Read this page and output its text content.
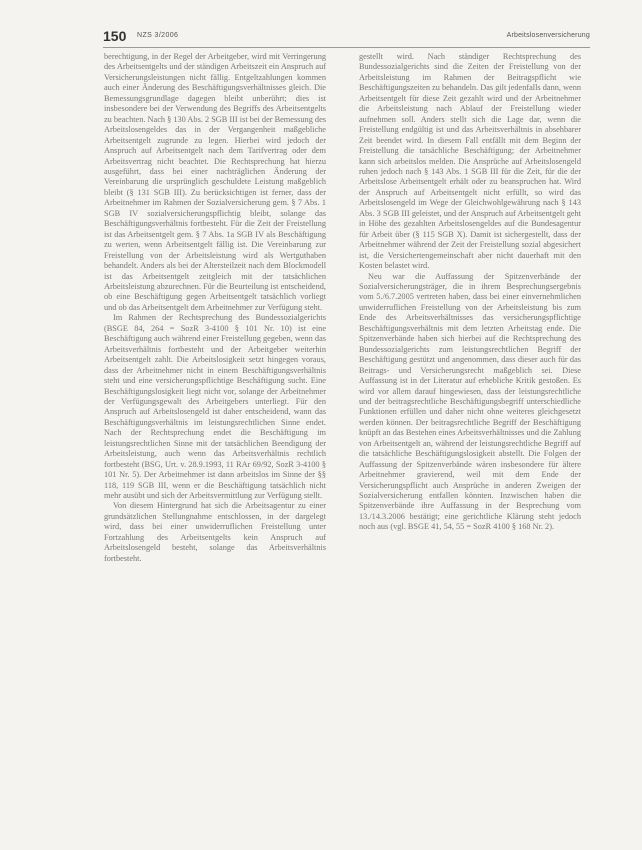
150 NZS 3/2006	Arbeitslosenversicherung

berechtigung, in der Regel der Arbeitgeber, wird mit Verringerung des Arbeitsentgelts und der ständigen Arbeitszeit ein Anspruch auf Versicherungsleistungen nicht fällig. Entgeltzahlungen kommen auch einer Änderung des Beschäftigungsverhältnisses gleich. Die Bemessungsgrundlage dagegen bleibt unberührt; dies ist insbesondere bei der Verwendung des Begriffs des Arbeitsentgelts zu beachten. Nach § 130 Abs. 2 SGB III ist bei der Bemessung des Arbeitslosengeldes das in der Vergangenheit maßgebliche Arbeitsentgelt zugrunde zu legen. Hierbei wird jedoch der Anspruch auf Arbeitsentgelt nach dem Tarifvertrag oder dem Arbeitsvertrag nicht beachtet. Die Rechtsprechung hat hierzu ausgeführt, dass bei einer nachträglichen Änderung der Vereinbarung die ursprünglich geschuldete Leistung maßgeblich bleibt (§ 131 SGB III). Zu berücksichtigen ist ferner, dass der Arbeitnehmer im Rahmen der Sozialversicherung gem. § 7 Abs. 1 SGB IV sozialversicherungspflichtig bleibt, solange das Beschäftigungsverhältnis fortbesteht. Für die Zeit der Freistellung ist das Arbeitsentgelt gem. § 7 Abs. 1a SGB IV als Beschäftigung zu werten, wenn Arbeitsentgelt fällig ist. Die Vereinbarung zur Freistellung von der Arbeitsleistung wird als Wertguthaben behandelt. Anders als bei der Altersteilzeit nach dem Blockmodell ist das Arbeitsentgelt zeitgleich mit der tatsächlichen Arbeitsleistung abzurechnen. Für die Beurteilung ist entscheidend, ob eine Beschäftigung gegen Arbeitsentgelt tatsächlich vorliegt und ob das Arbeitsentgelt dem Arbeitnehmer zur Verfügung steht.

Im Rahmen der Rechtsprechung des Bundessozialgerichts (BSGE 84, 264 = SozR 3-4100 § 101 Nr. 10) ist eine Beschäftigung auch während einer Freistellung gegeben, wenn das Arbeitsverhältnis fortbesteht und der Arbeitgeber weiterhin Arbeitsentgelt zahlt. Die Arbeitslosigkeit setzt hingegen voraus, dass der Arbeitnehmer nicht in einem Beschäftigungsverhältnis steht und eine versicherungspflichtige Beschäftigung sucht. Eine Beschäftigungslosigkeit liegt nicht vor, solange der Arbeitnehmer der Verfügungsgewalt des Arbeitgebers unterliegt. Für den Anspruch auf Arbeitslosengeld ist daher entscheidend, wann das Beschäftigungsverhältnis im leistungsrechtlichen Sinne endet. Nach der Rechtsprechung endet die Beschäftigung im leistungsrechtlichen Sinne mit der tatsächlichen Beendigung der Arbeitsleistung, auch wenn das Arbeitsverhältnis rechtlich fortbesteht (BSG, Urt. v. 28.9.1993, 11 RAr 69/92, SozR 3-4100 § 101 Nr. 5). Der Arbeitnehmer ist dann arbeitslos im Sinne der §§ 118, 119 SGB III, wenn er die Beschäftigung tatsächlich nicht mehr ausübt und sich der Arbeitsvermittlung zur Verfügung stellt.

Von diesem Hintergrund hat sich die Arbeitsagentur zu einer grundsätzlichen Stellungnahme entschlossen, in der dargelegt wird, dass bei einer unwiderruflichen Freistellung unter Fortzahlung des Arbeitsentgelts kein Anspruch auf Arbeitslosengeld besteht, solange das Arbeitsverhältnis fortbesteht.

gestellt wird. Nach ständiger Rechtsprechung des Bundessozialgerichts sind die Zeiten der Freistellung von der Arbeitsleistung im Rahmen der Beitragspflicht wie Beschäftigungszeiten zu behandeln. Das gilt jedenfalls dann, wenn Arbeitsentgelt für diese Zeit gezahlt wird und der Arbeitnehmer die Arbeitsleistung nach Ablauf der Freistellung wieder aufnehmen soll. Anders stellt sich die Lage dar, wenn die Freistellung endgültig ist und das Arbeitsverhältnis in absehbarer Zeit beendet wird. In diesem Fall entfällt mit dem Beginn der Freistellung die tatsächliche Beschäftigung; der Arbeitnehmer kann sich arbeitslos melden. Die Ansprüche auf Arbeitslosengeld ruhen jedoch nach § 143 Abs. 1 SGB III für die Zeit, für die der Arbeitslose Arbeitsentgelt erhält oder zu beanspruchen hat. Wird der Anspruch auf Arbeitsentgelt nicht erfüllt, so wird das Arbeitslosengeld im Wege der Gleichwohlgewährung nach § 143 Abs. 3 SGB III geleistet, und der Anspruch auf Arbeitsentgelt geht in Höhe des gezahlten Arbeitslosengeldes auf die Bundesagentur für Arbeit über (§ 115 SGB X). Damit ist sichergestellt, dass der Arbeitnehmer während der Zeit der Freistellung sozial abgesichert ist, die Versichertengemeinschaft aber nicht dauerhaft mit den Kosten belastet wird.

Neu war die Auffassung der Spitzenverbände der Sozialversicherungsträger, die in ihrem Besprechungsergebnis vom 5./6.7.2005 vertreten haben, dass bei einer einvernehmlichen unwiderruflichen Freistellung von der Arbeitsleistung bis zum Ende des Arbeitsverhältnisses das versicherungspflichtige Beschäftigungsverhältnis mit dem letzten Arbeitstag ende. Die Spitzenverbände haben sich hierbei auf die Rechtsprechung des Bundessozialgerichts zum leistungsrechtlichen Begriff der Beschäftigung gestützt und angenommen, dass dieser auch für das Beitrags- und Versicherungsrecht maßgeblich sei. Diese Auffassung ist in der Literatur auf erhebliche Kritik gestoßen. Es wird vor allem darauf hingewiesen, dass der leistungsrechtliche und der beitragsrechtliche Beschäftigungsbegriff unterschiedliche Funktionen erfüllen und daher nicht ohne weiteres gleichgesetzt werden können. Der beitragsrechtliche Begriff der Beschäftigung knüpft an das Bestehen eines Arbeitsverhältnisses und die Zahlung von Arbeitsentgelt an, während der leistungsrechtliche Begriff auf die tatsächliche Beschäftigungslosigkeit abstellt. Die Folgen der Auffassung der Spitzenverbände wären insbesondere für ältere Arbeitnehmer gravierend, weil mit dem Ende der Versicherungspflicht auch Ansprüche in anderen Zweigen der Sozialversicherung entfallen könnten. Inzwischen haben die Spitzenverbände ihre Auffassung in der Besprechung vom 13./14.3.2006 bestätigt; eine gerichtliche Klärung steht jedoch noch aus (vgl. BSGE 41, 54, 55 = SozR 4100 § 168 Nr. 2).
